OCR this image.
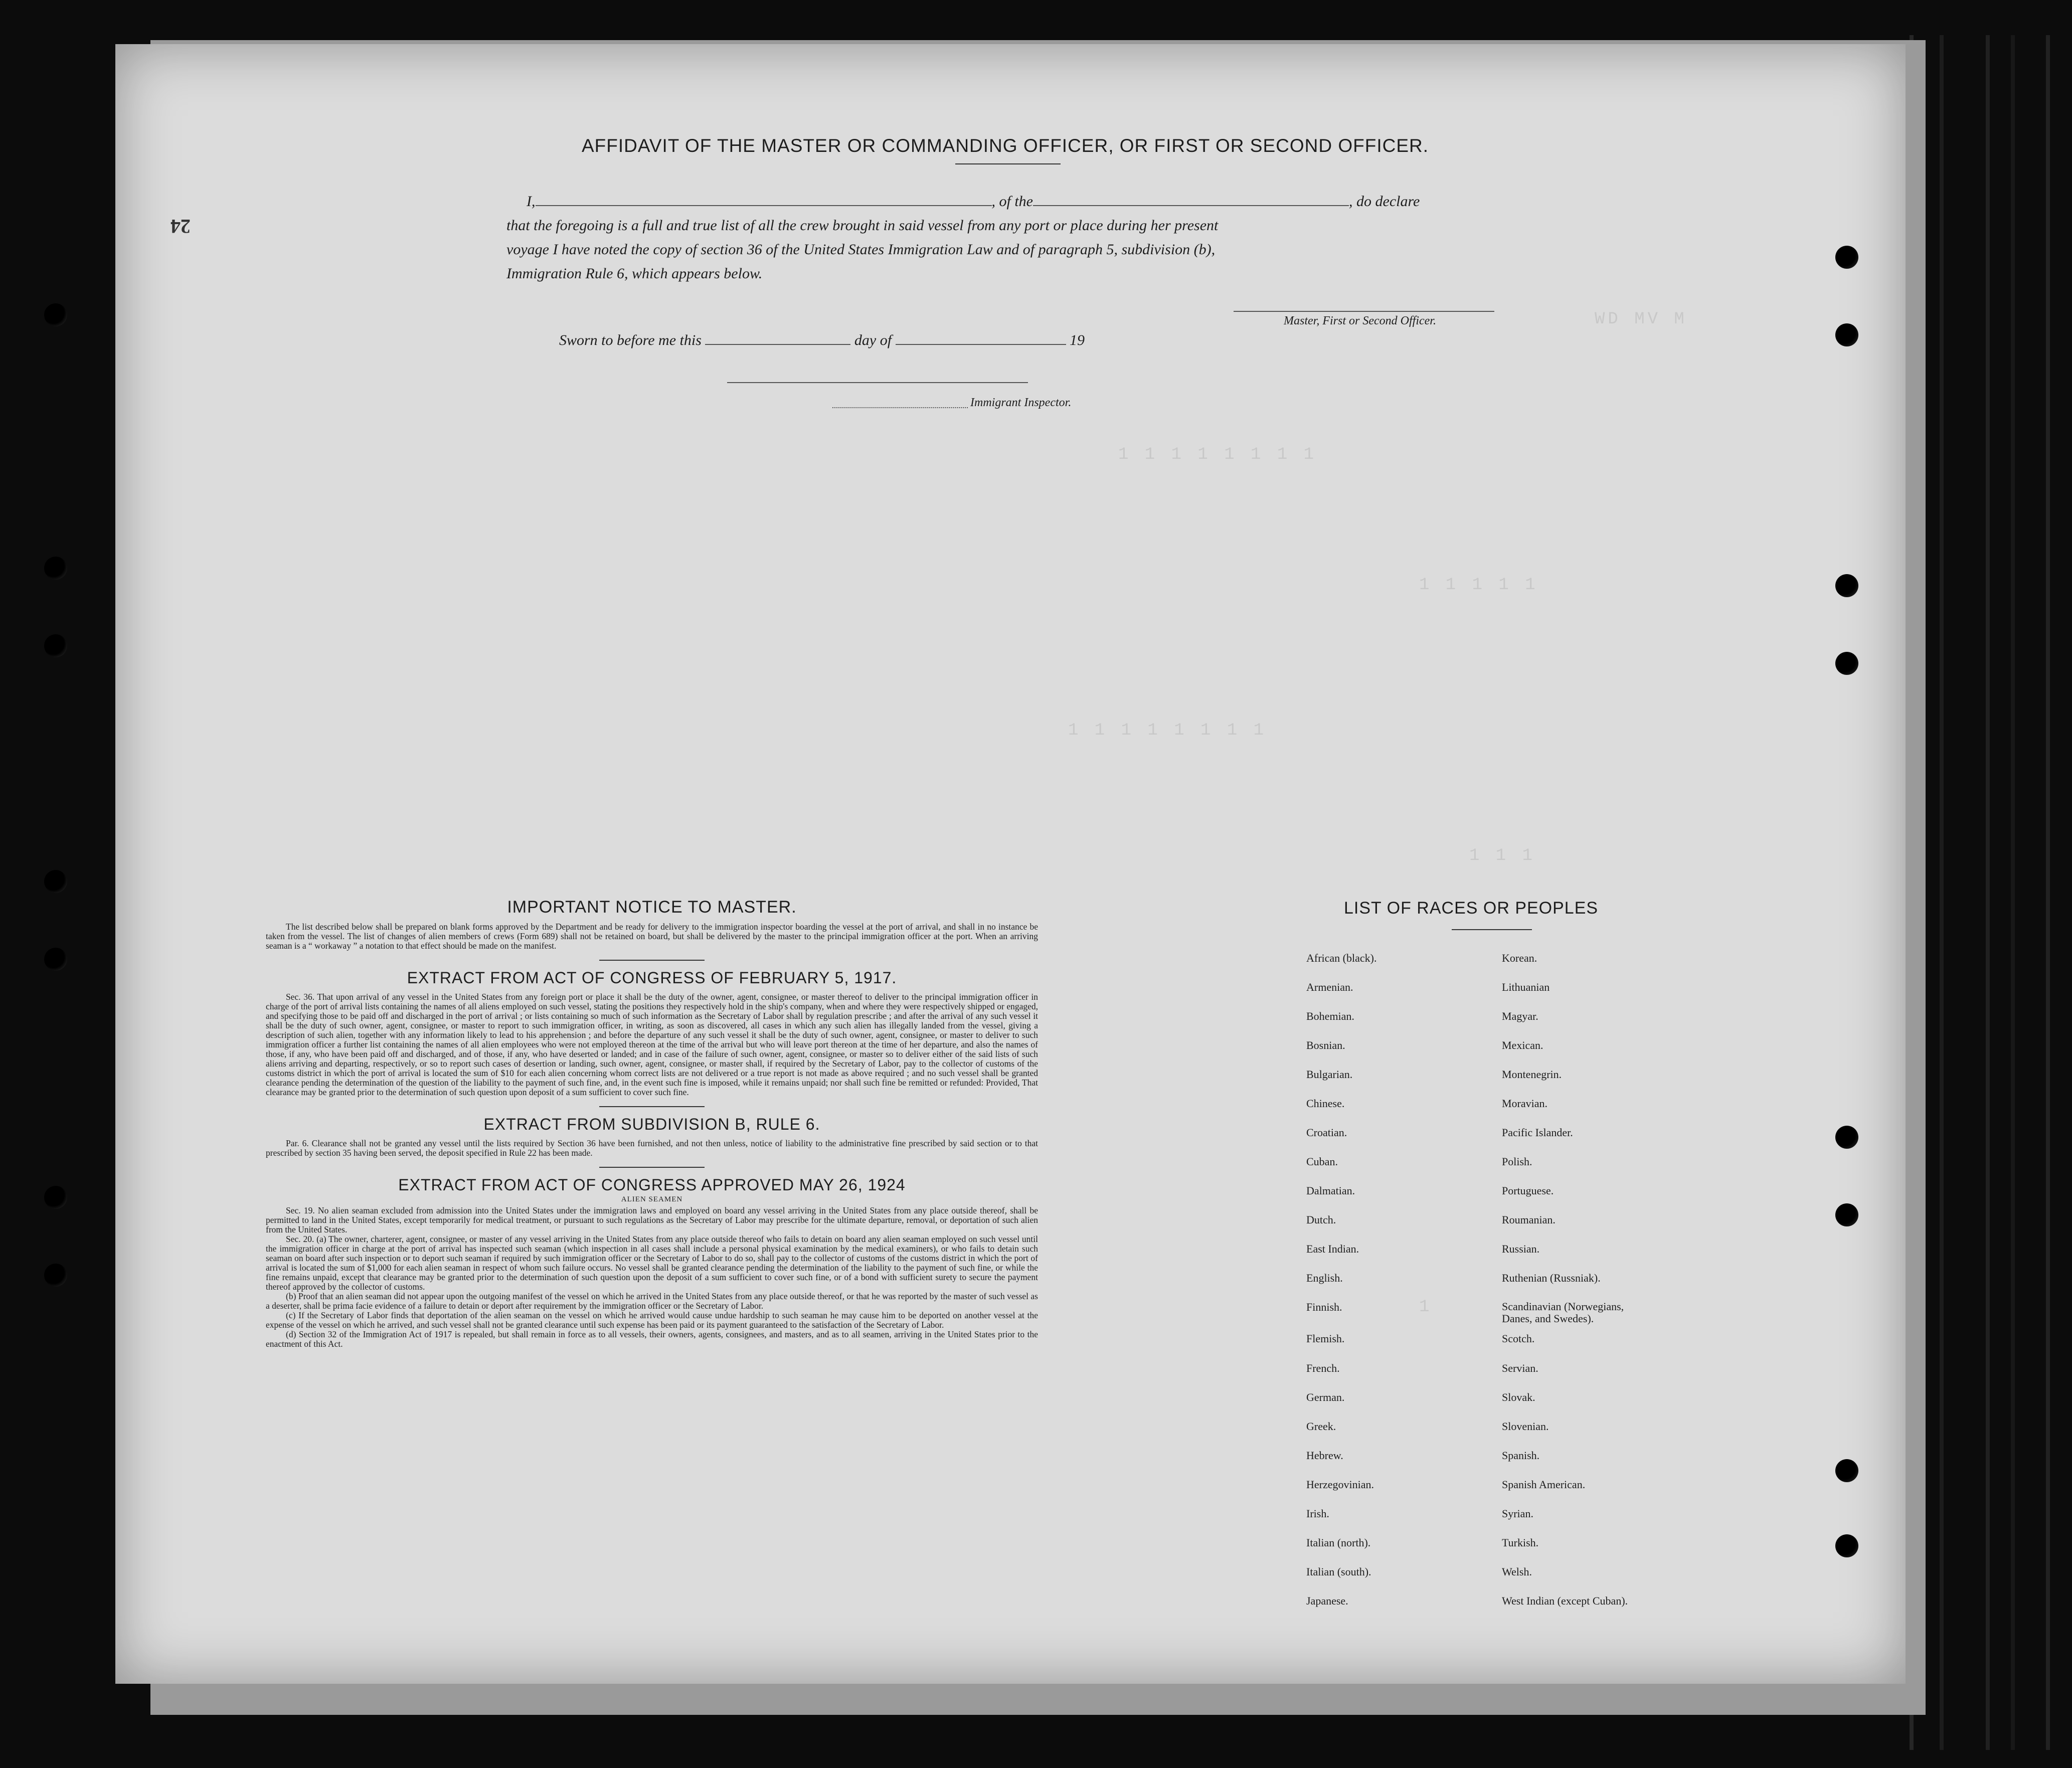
WD MV M
1 1 1 1 1 1 1 1
1 1 1 1 1
1 1 1 1 1 1 1 1
1 1 1
1
24
AFFIDAVIT OF THE MASTER OR COMMANDING OFFICER, OR FIRST OR SECOND OFFICER.
I,	, of the	, do declare
that the foregoing is a full and true list of all the crew brought in said vessel from any port or place during her present
voyage I have noted the copy of section 36 of the United States Immigration Law and of paragraph 5, subdivision (b),
Immigration Rule 6, which appears below.
Master, First or Second Officer.
Sworn to before me this	day of	19
Immigrant Inspector.

IMPORTANT NOTICE TO MASTER.

The list described below shall be prepared on blank forms approved by the Department and be ready for delivery to the immigration inspector boarding the vessel at the port of arrival, and shall in no instance be taken from the vessel. The list of changes of alien members of crews (Form 689) shall not be retained on board, but shall be delivered by the master to the principal immigration officer at the port. When an arriving seaman is a “ workaway ” a notation to that effect should be made on the manifest.

EXTRACT FROM ACT OF CONGRESS OF FEBRUARY 5, 1917.

Sec. 36. That upon arrival of any vessel in the United States from any foreign port or place it shall be the duty of the owner, agent, consignee, or master thereof to deliver to the principal immigration officer in charge of the port of arrival lists containing the names of all aliens employed on such vessel, stating the positions they respectively hold in the ship's company, when and where they were respectively shipped or engaged, and specifying those to be paid off and discharged in the port of arrival ; or lists containing so much of such information as the Secretary of Labor shall by regulation prescribe ; and after the arrival of any such vessel it shall be the duty of such owner, agent, consignee, or master to report to such immigration officer, in writing, as soon as discovered, all cases in which any such alien has illegally landed from the vessel, giving a description of such alien, together with any information likely to lead to his apprehension ; and before the departure of any such vessel it shall be the duty of such owner, agent, consignee, or master to deliver to such immigration officer a further list containing the names of all alien employees who were not employed thereon at the time of the arrival but who will leave port thereon at the time of her departure, and also the names of those, if any, who have been paid off and discharged, and of those, if any, who have deserted or landed; and in case of the failure of such owner, agent, consignee, or master so to deliver either of the said lists of such aliens arriving and departing, respectively, or so to report such cases of desertion or landing, such owner, agent, consignee, or master shall, if required by the Secretary of Labor, pay to the collector of customs of the customs district in which the port of arrival is located the sum of $10 for each alien concerning whom correct lists are not delivered or a true report is not made as above required ; and no such vessel shall be granted clearance pending the determination of the question of the liability to the payment of such fine, and, in the event such fine is imposed, while it remains unpaid; nor shall such fine be remitted or refunded: Provided, That clearance may be granted prior to the determination of such question upon deposit of a sum sufficient to cover such fine.

EXTRACT FROM SUBDIVISION B, RULE 6.

Par. 6. Clearance shall not be granted any vessel until the lists required by Section 36 have been furnished, and not then unless, notice of liability to the administrative fine prescribed by said section or to that prescribed by section 35 having been served, the deposit specified in Rule 22 has been made.

EXTRACT FROM ACT OF CONGRESS APPROVED MAY 26, 1924

ALIEN SEAMEN

Sec. 19. No alien seaman excluded from admission into the United States under the immigration laws and employed on board any vessel arriving in the United States from any place outside thereof, shall be permitted to land in the United States, except temporarily for medical treatment, or pursuant to such regulations as the Secretary of Labor may prescribe for the ultimate departure, removal, or deportation of such alien from the United States.

Sec. 20. (a) The owner, charterer, agent, consignee, or master of any vessel arriving in the United States from any place outside thereof who fails to detain on board any alien seaman employed on such vessel until the immigration officer in charge at the port of arrival has inspected such seaman (which inspection in all cases shall include a personal physical examination by the medical examiners), or who fails to detain such seaman on board after such inspection or to deport such seaman if required by such immigration officer or the Secretary of Labor to do so, shall pay to the collector of customs of the customs district in which the port of arrival is located the sum of $1,000 for each alien seaman in respect of whom such failure occurs. No vessel shall be granted clearance pending the determination of the liability to the payment of such fine, or while the fine remains unpaid, except that clearance may be granted prior to the determination of such question upon the deposit of a sum sufficient to cover such fine, or of a bond with sufficient surety to secure the payment thereof approved by the collector of customs.

(b) Proof that an alien seaman did not appear upon the outgoing manifest of the vessel on which he arrived in the United States from any place outside thereof, or that he was reported by the master of such vessel as a deserter, shall be prima facie evidence of a failure to detain or deport after requirement by the immigration officer or the Secretary of Labor.

(c) If the Secretary of Labor finds that deportation of the alien seaman on the vessel on which he arrived would cause undue hardship to such seaman he may cause him to be deported on another vessel at the expense of the vessel on which he arrived, and such vessel shall not be granted clearance until such expense has been paid or its payment guaranteed to the satisfaction of the Secretary of Labor.

(d) Section 32 of the Immigration Act of 1917 is repealed, but shall remain in force as to all vessels, their owners, agents, consignees, and masters, and as to all seamen, arriving in the United States prior to the enactment of this Act.

LIST OF RACES OR PEOPLES
African (black).
Armenian.
Bohemian.
Bosnian.
Bulgarian.
Chinese.
Croatian.
Cuban.
Dalmatian.
Dutch.
East Indian.
English.
Finnish.
Flemish.
French.
German.
Greek.
Hebrew.
Herzegovinian.
Irish.
Italian (north).
Italian (south).
Japanese.
Korean.
Lithuanian
Magyar.
Mexican.
Montenegrin.
Moravian.
Pacific Islander.
Polish.
Portuguese.
Roumanian.
Russian.
Ruthenian (Russniak).
Scandinavian (Norwegians,
Danes, and Swedes).
Scotch.
Servian.
Slovak.
Slovenian.
Spanish.
Spanish American.
Syrian.
Turkish.
Welsh.
West Indian (except Cuban).
